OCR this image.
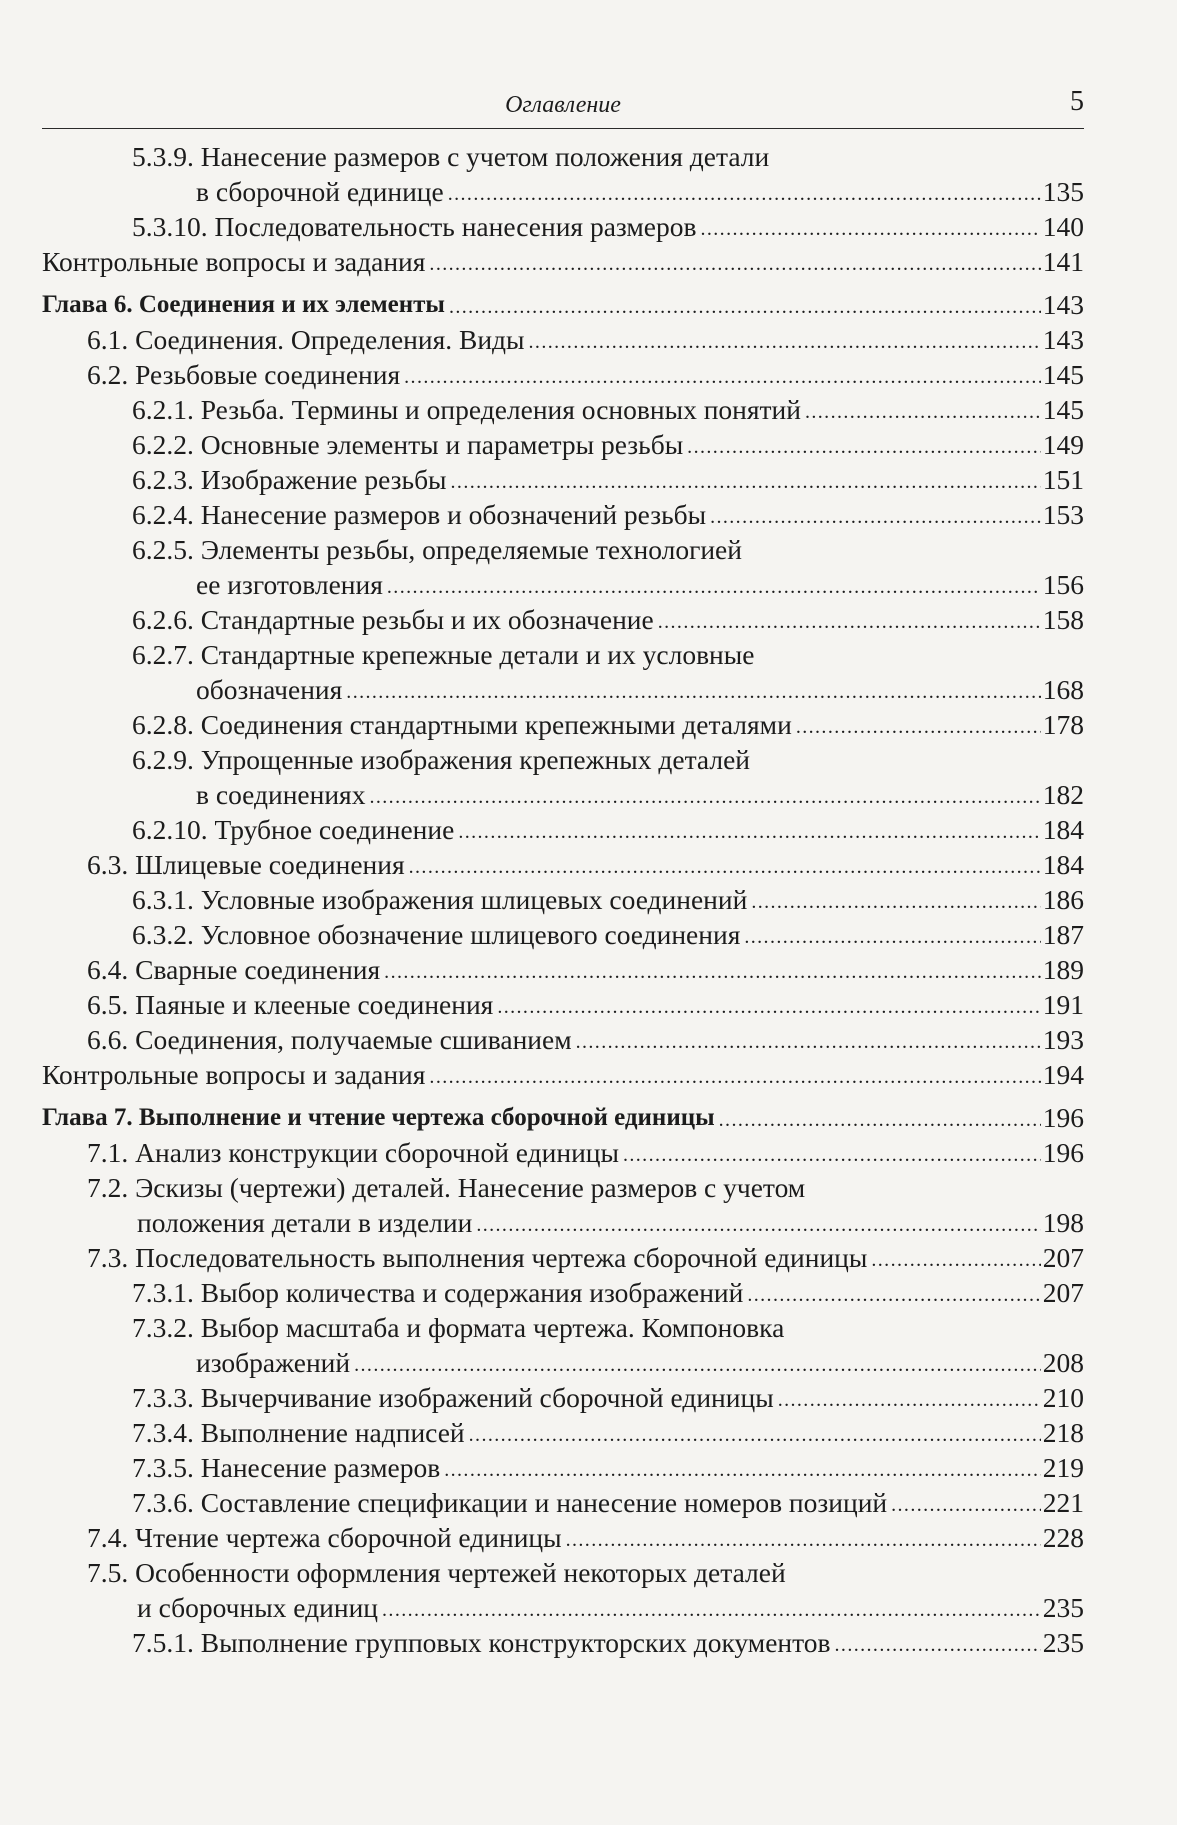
Оглавление	5
5.3.9. Нанесение размеров с учетом положения детали
в сборочной единице . . .	135
5.3.10. Последовательность нанесения размеров . . .	140
Контрольные вопросы и задания . . .	141
Глава 6. Соединения и их элементы . . .	143
6.1. Соединения. Определения. Виды . . .	143
6.2. Резьбовые соединения . . .	145
6.2.1. Резьба. Термины и определения основных понятий . . .	145
6.2.2. Основные элементы и параметры резьбы . . .	149
6.2.3. Изображение резьбы . . .	151
6.2.4. Нанесение размеров и обозначений резьбы . . .	153
6.2.5. Элементы резьбы, определяемые технологией
ее изготовления . . .	156
6.2.6. Стандартные резьбы и их обозначение . . .	158
6.2.7. Стандартные крепежные детали и их условные
обозначения . . .	168
6.2.8. Соединения стандартными крепежными деталями . . .	178
6.2.9. Упрощенные изображения крепежных деталей
в соединениях . . .	182
6.2.10. Трубное соединение . . .	184
6.3. Шлицевые соединения . . .	184
6.3.1. Условные изображения шлицевых соединений . . .	186
6.3.2. Условное обозначение шлицевого соединения . . .	187
6.4. Сварные соединения . . .	189
6.5. Паяные и клееные соединения . . .	191
6.6. Соединения, получаемые сшиванием . . .	193
Контрольные вопросы и задания . . .	194
Глава 7. Выполнение и чтение чертежа сборочной единицы . . .	196
7.1. Анализ конструкции сборочной единицы . . .	196
7.2. Эскизы (чертежи) деталей. Нанесение размеров с учетом
положения детали в изделии . . .	198
7.3. Последовательность выполнения чертежа сборочной единицы . . .	207
7.3.1. Выбор количества и содержания изображений . . .	207
7.3.2. Выбор масштаба и формата чертежа. Компоновка
изображений . . .	208
7.3.3. Вычерчивание изображений сборочной единицы . . .	210
7.3.4. Выполнение надписей . . .	218
7.3.5. Нанесение размеров . . .	219
7.3.6. Составление спецификации и нанесение номеров позиций . . .	221
7.4. Чтение чертежа сборочной единицы . . .	228
7.5. Особенности оформления чертежей некоторых деталей
и сборочных единиц . . .	235
7.5.1. Выполнение групповых конструкторских документов . . .	235
